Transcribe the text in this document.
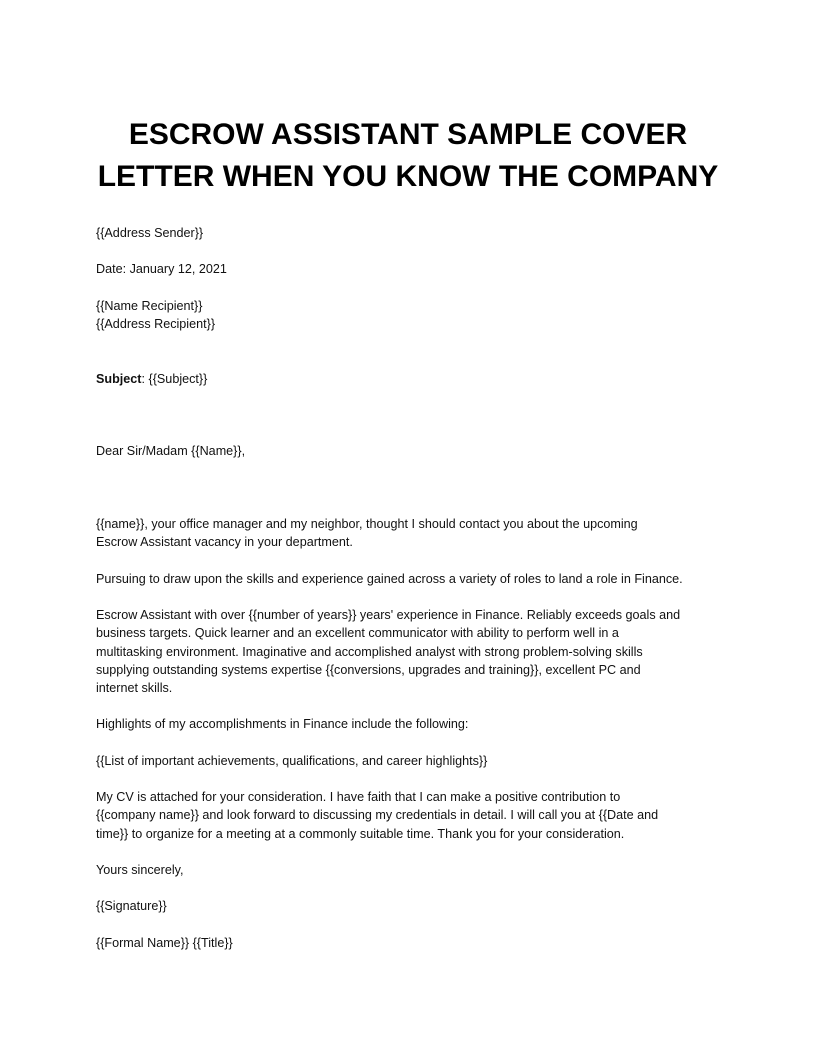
ESCROW ASSISTANT SAMPLE COVER
LETTER WHEN YOU KNOW THE COMPANY
{{Address Sender}}
Date: January 12, 2021
{{Name Recipient}}
{{Address Recipient}}
Subject: {{Subject}}
Dear Sir/Madam {{Name}},
{{name}}, your office manager and my neighbor, thought I should contact you about the upcoming
Escrow Assistant vacancy in your department.
Pursuing to draw upon the skills and experience gained across a variety of roles to land a role in Finance.
Escrow Assistant with over {{number of years}} years' experience in Finance. Reliably exceeds goals and
business targets. Quick learner and an excellent communicator with ability to perform well in a
multitasking environment. Imaginative and accomplished analyst with strong problem-solving skills
supplying outstanding systems expertise {{conversions, upgrades and training}}, excellent PC and
internet skills.
Highlights of my accomplishments in Finance include the following:
{{List of important achievements, qualifications, and career highlights}}
My CV is attached for your consideration. I have faith that I can make a positive contribution to
{{company name}} and look forward to discussing my credentials in detail. I will call you at {{Date and
time}} to organize for a meeting at a commonly suitable time. Thank you for your consideration.
Yours sincerely,
{{Signature}}
{{Formal Name}} {{Title}}
